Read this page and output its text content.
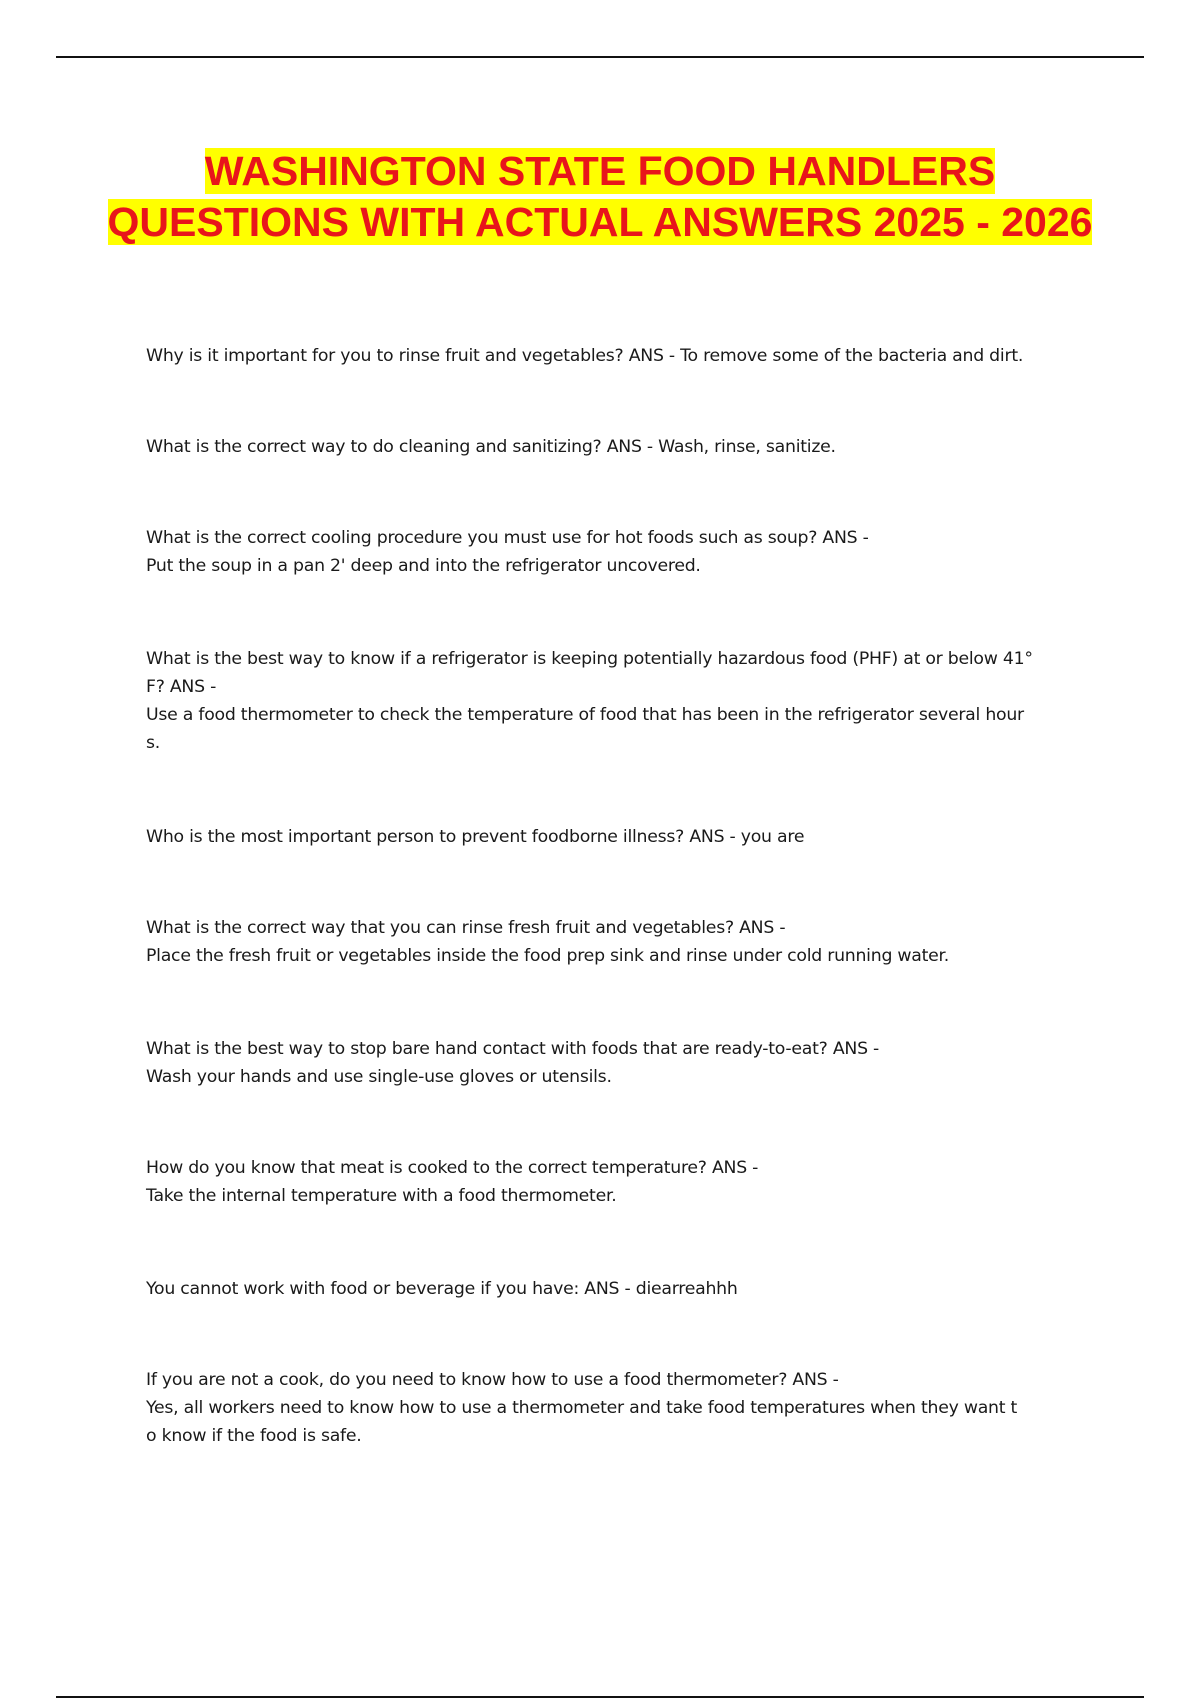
WASHINGTON STATE FOOD HANDLERS QUESTIONS WITH ACTUAL ANSWERS 2025 - 2026

Why is it important for you to rinse fruit and vegetables? ANS - To remove some of the bacteria and dirt.

What is the correct way to do cleaning and sanitizing? ANS - Wash, rinse, sanitize.

What is the correct cooling procedure you must use for hot foods such as soup? ANS -
Put the soup in a pan 2' deep and into the refrigerator uncovered.

What is the best way to know if a refrigerator is keeping potentially hazardous food (PHF) at or below 41°
F? ANS -
Use a food thermometer to check the temperature of food that has been in the refrigerator several hour
s.

Who is the most important person to prevent foodborne illness? ANS - you are

What is the correct way that you can rinse fresh fruit and vegetables? ANS -
Place the fresh fruit or vegetables inside the food prep sink and rinse under cold running water.

What is the best way to stop bare hand contact with foods that are ready-to-eat? ANS -
Wash your hands and use single-use gloves or utensils.

How do you know that meat is cooked to the correct temperature? ANS -
Take the internal temperature with a food thermometer.

You cannot work with food or beverage if you have: ANS - diearreahhh

If you are not a cook, do you need to know how to use a food thermometer? ANS -
Yes, all workers need to know how to use a thermometer and take food temperatures when they want t
o know if the food is safe.
